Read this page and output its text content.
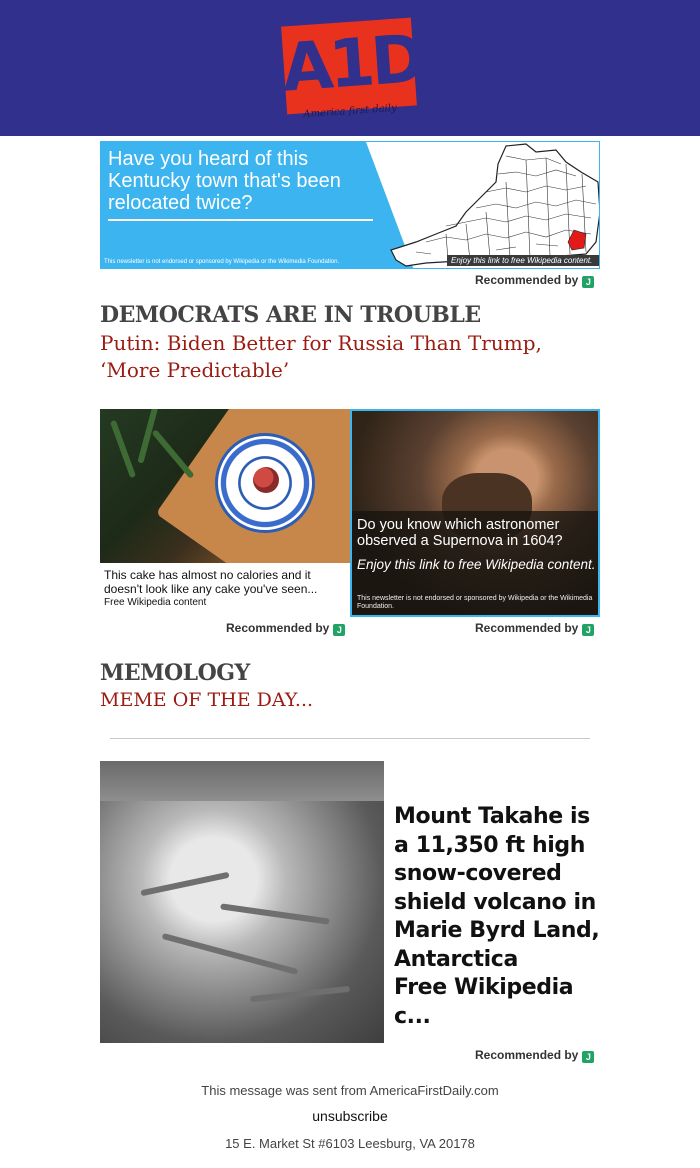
A1D
America first daily
Have you heard of this Kentucky town that's been relocated twice?
This newsletter is not endorsed or sponsored by Wikipedia or the Wikimedia Foundation.	Enjoy this link to free Wikipedia content.
Recommended by J
DEMOCRATS ARE IN TROUBLE
Putin: Biden Better for Russia Than Trump, ‘More Predictable’
This cake has almost no calories and it doesn't look like any cake you've seen...
Free Wikipedia content
Recommended by J
Do you know which astronomer observed a Supernova in 1604?
Enjoy this link to free Wikipedia content.
This newsletter is not endorsed or sponsored by Wikipedia or the Wikimedia Foundation.
Recommended by J
MEMOLOGY
MEME OF THE DAY...
Mount Takahe is a 11,350 ft high snow-covered shield volcano in Marie Byrd Land, Antarctica
Free Wikipedia c...
Recommended by J
This message was sent from AmericaFirstDaily.com
unsubscribe
15 E. Market St #6103 Leesburg, VA 20178
